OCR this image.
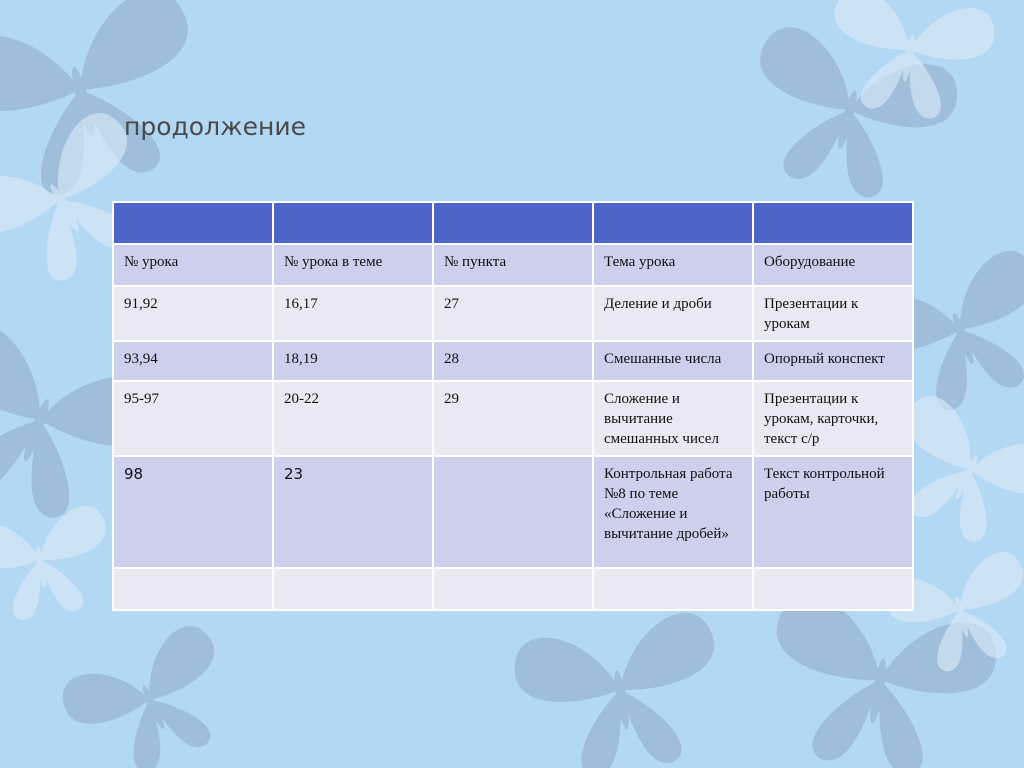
продолжение

№ урока	№ урока в теме	№ пункта	Тема урока	Оборудование
91,92	16,17	27	Деление и дроби	Презентации к урокам
93,94	18,19	28	Смешанные числа	Опорный конспект
95-97	20-22	29	Сложение и вычитание смешанных чисел	Презентации к урокам, карточки, текст с/р
98	23		Контрольная работа №8 по теме «Сложение и вычитание дробей»	Текст контрольной работы
